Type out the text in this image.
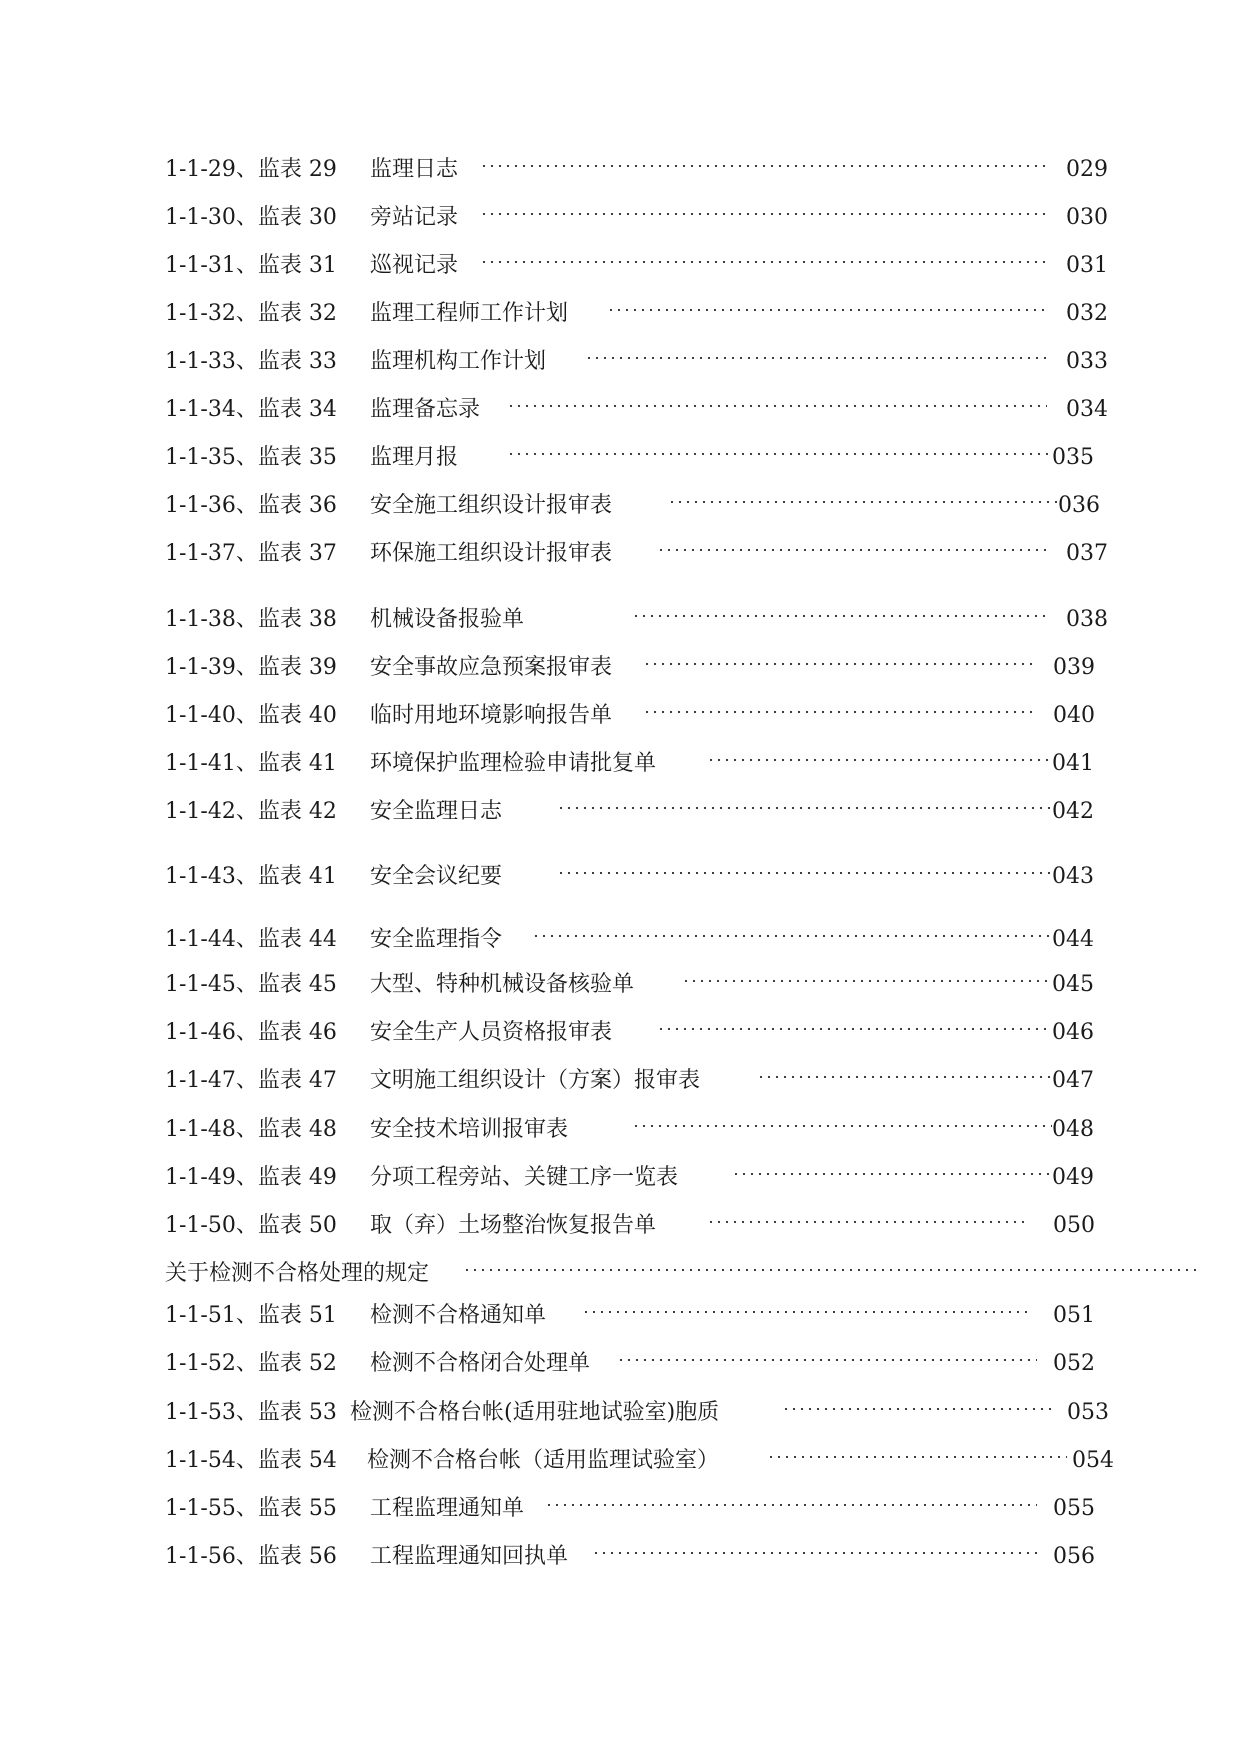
1-1-29、监表 29 监理日志	029
1-1-30、监表 30 旁站记录	030
1-1-31、监表 31 巡视记录	031
1-1-32、监表 32 监理工程师工作计划	032
1-1-33、监表 33 监理机构工作计划	033
1-1-34、监表 34 监理备忘录	034
1-1-35、监表 35 监理月报	035
1-1-36、监表 36 安全施工组织设计报审表	036
1-1-37、监表 37 环保施工组织设计报审表	037
1-1-38、监表 38 机械设备报验单	038
1-1-39、监表 39 安全事故应急预案报审表	039
1-1-40、监表 40 临时用地环境影响报告单	040
1-1-41、监表 41 环境保护监理检验申请批复单	041
1-1-42、监表 42 安全监理日志	042
1-1-43、监表 41 安全会议纪要	043
1-1-44、监表 44 安全监理指令	044
1-1-45、监表 45 大型、特种机械设备核验单	045
1-1-46、监表 46 安全生产人员资格报审表	046
1-1-47、监表 47 文明施工组织设计（方案）报审表	047
1-1-48、监表 48 安全技术培训报审表	048
1-1-49、监表 49 分项工程旁站、关键工序一览表	049
1-1-50、监表 50 取（弃）土场整治恢复报告单	050
关于检测不合格处理的规定
1-1-51、监表 51 检测不合格通知单	051
1-1-52、监表 52 检测不合格闭合处理单	052
1-1-53、监表 53 检测不合格台帐(适用驻地试验室)胞质	053
1-1-54、监表 54 检测不合格台帐（适用监理试验室）	054
1-1-55、监表 55 工程监理通知单	055
1-1-56、监表 56 工程监理通知回执单	056
